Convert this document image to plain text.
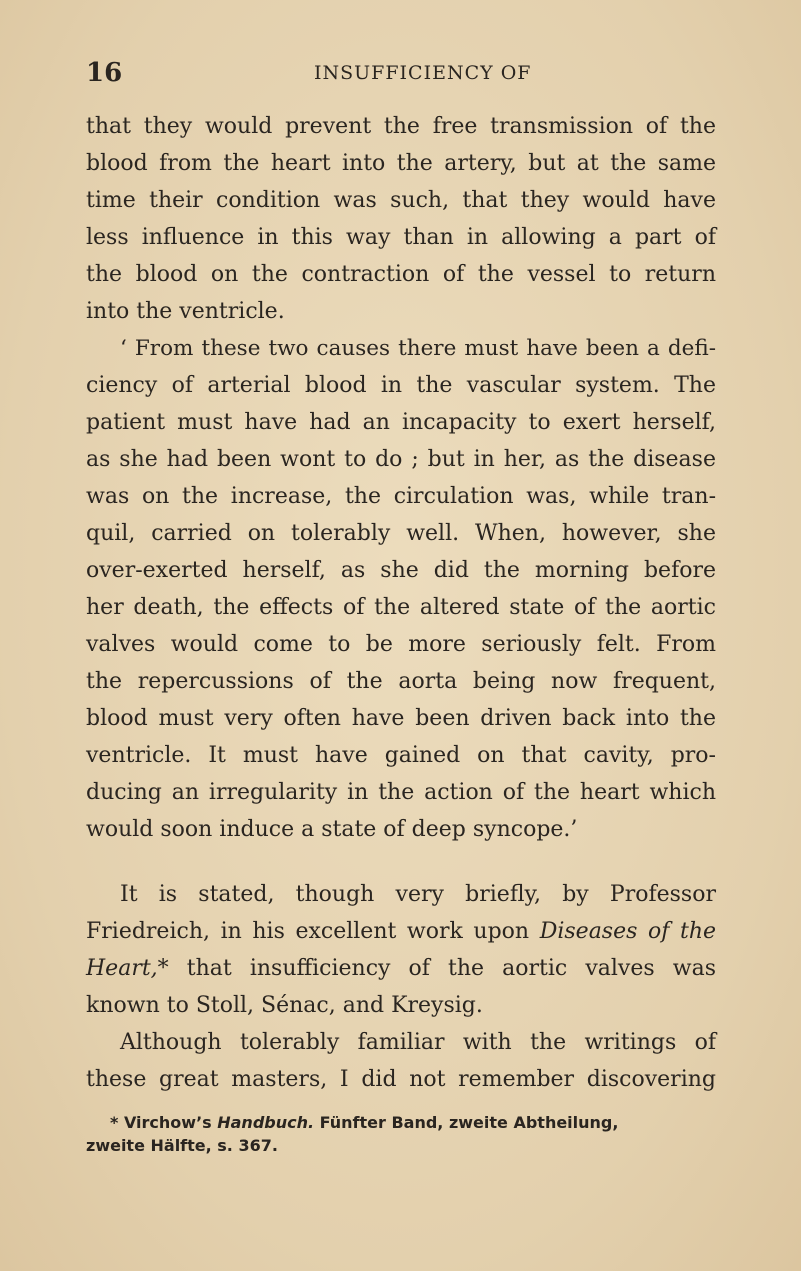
16	INSUFFICIENCY OF
that they would prevent the free transmission of the
blood from the heart into the artery, but at the same
time their condition was such, that they would have
less influence in this way than in allowing a part of
the blood on the contraction of the vessel to return
into the ventricle.
‘ From these two causes there must have been a defi-
ciency of arterial blood in the vascular system. The
patient must have had an incapacity to exert herself,
as she had been wont to do ; but in her, as the disease
was on the increase, the circulation was, while tran-
quil, carried on tolerably well. When, however, she
over-exerted herself, as she did the morning before
her death, the effects of the altered state of the aortic
valves would come to be more seriously felt. From
the repercussions of the aorta being now frequent,
blood must very often have been driven back into the
ventricle. It must have gained on that cavity, pro-
ducing an irregularity in the action of the heart which
would soon induce a state of deep syncope.’
It is stated, though very briefly, by Professor
Friedreich, in his excellent work upon Diseases of the
Heart,* that insufficiency of the aortic valves was
known to Stoll, Sénac, and Kreysig.
Although tolerably familiar with the writings of
these great masters, I did not remember discovering
* Virchow’s Handbuch. Fünfter Band, zweite Abtheilung,
zweite Hälfte, s. 367.
